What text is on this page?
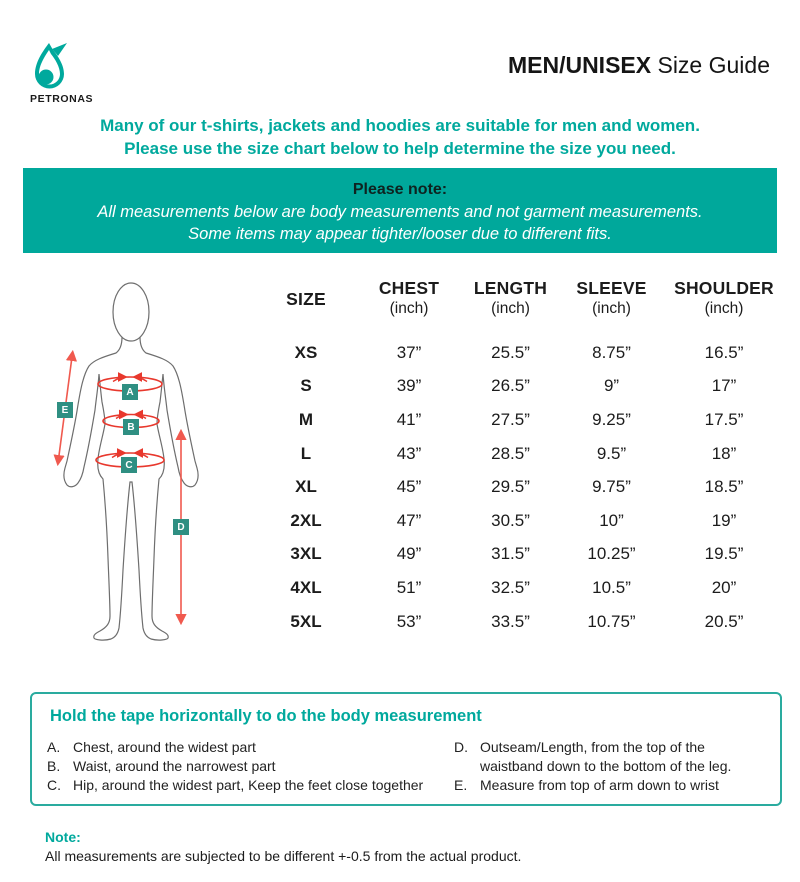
PETRONAS
MEN/UNISEX Size Guide
Many of our t-shirts, jackets and hoodies are suitable for men and women.
Please use the size chart below to help determine the size you need.
Please note:
All measurements below are body measurements and not garment measurements.
Some items may appear tighter/looser due to different fits.
A
B
C
E
D
SIZE
CHEST
(inch)
LENGTH
(inch)
SLEEVE
(inch)
SHOULDER
(inch)
XS	37”	25.5”	8.75”	16.5”
S	39”	26.5”	9”	17”
M	41”	27.5”	9.25”	17.5”
L	43”	28.5”	9.5”	18”
XL	45”	29.5”	9.75”	18.5”
2XL	47”	30.5”	10”	19”
3XL	49”	31.5”	10.25”	19.5”
4XL	51”	32.5”	10.5”	20”
5XL	53”	33.5”	10.75”	20.5”
Hold the tape horizontally to do the body measurement
A. Chest, around the widest part
B. Waist, around the narrowest part
C. Hip, around the widest part, Keep the feet close together
D. Outseam/Length, from the top of the
waistband down to the bottom of the leg.
E. Measure from top of arm down to wrist
Note:
All measurements are subjected to be different +-0.5 from the actual product.
